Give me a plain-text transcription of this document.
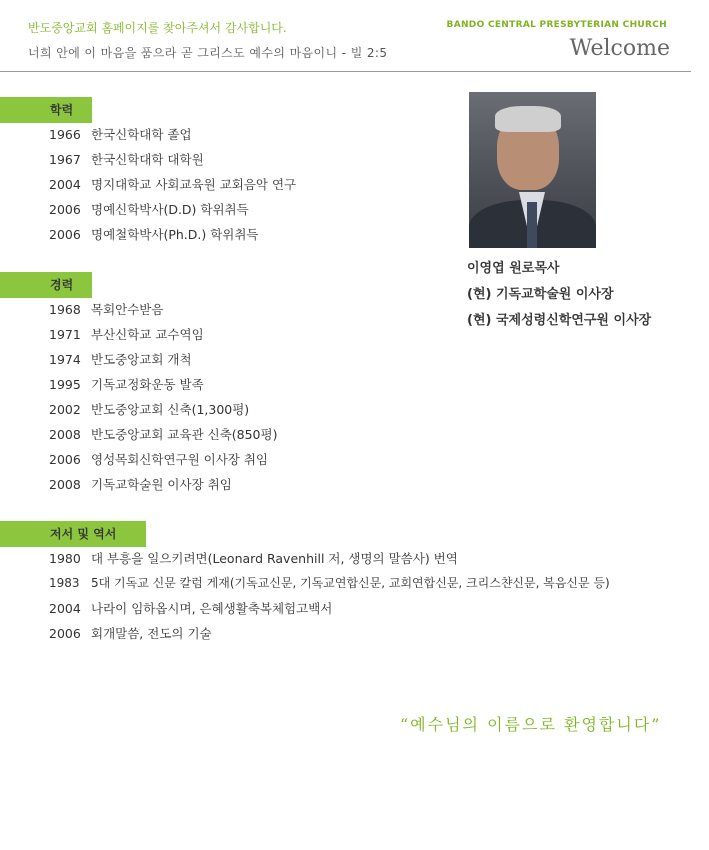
반도중앙교회 홈페이지를 찾아주셔서 감사합니다.	BANDO CENTRAL PRESBYTERIAN CHURCH
너희 안에 이 마음을 품으라 곧 그리스도 예수의 마음이니 - 빌 2:5	Welcome
학력
1966 한국신학대학 졸업
1967 한국신학대학 대학원
2004 명지대학교 사회교육원 교회음악 연구
2006 명예신학박사(D.D) 학위취득
2006 명예철학박사(Ph.D.) 학위취득
경력
1968 목회안수받음
1971 부산신학교 교수역임
1974 반도중앙교회 개척
1995 기독교정화운동 발족
2002 반도중앙교회 신축(1,300평)
2008 반도중앙교회 교육관 신축(850평)
2006 영성목회신학연구원 이사장 취임
2008 기독교학술원 이사장 취임
저서 및 역서
1980 대 부흥을 일으키려면(Leonard Ravenhill 저, 생명의 말씀사) 번역
1983 5대 기독교 신문 칼럼 게재(기독교신문, 기독교연합신문, 교회연합신문, 크리스챤신문, 복음신문 등)
2004 나라이 임하옵시며, 은혜생활축복체험고백서
2006 회개말씀, 전도의 기술
이영엽 원로목사
(현) 기독교학술원 이사장
(현) 국제성령신학연구원 이사장
“예수님의 이름으로 환영합니다”
